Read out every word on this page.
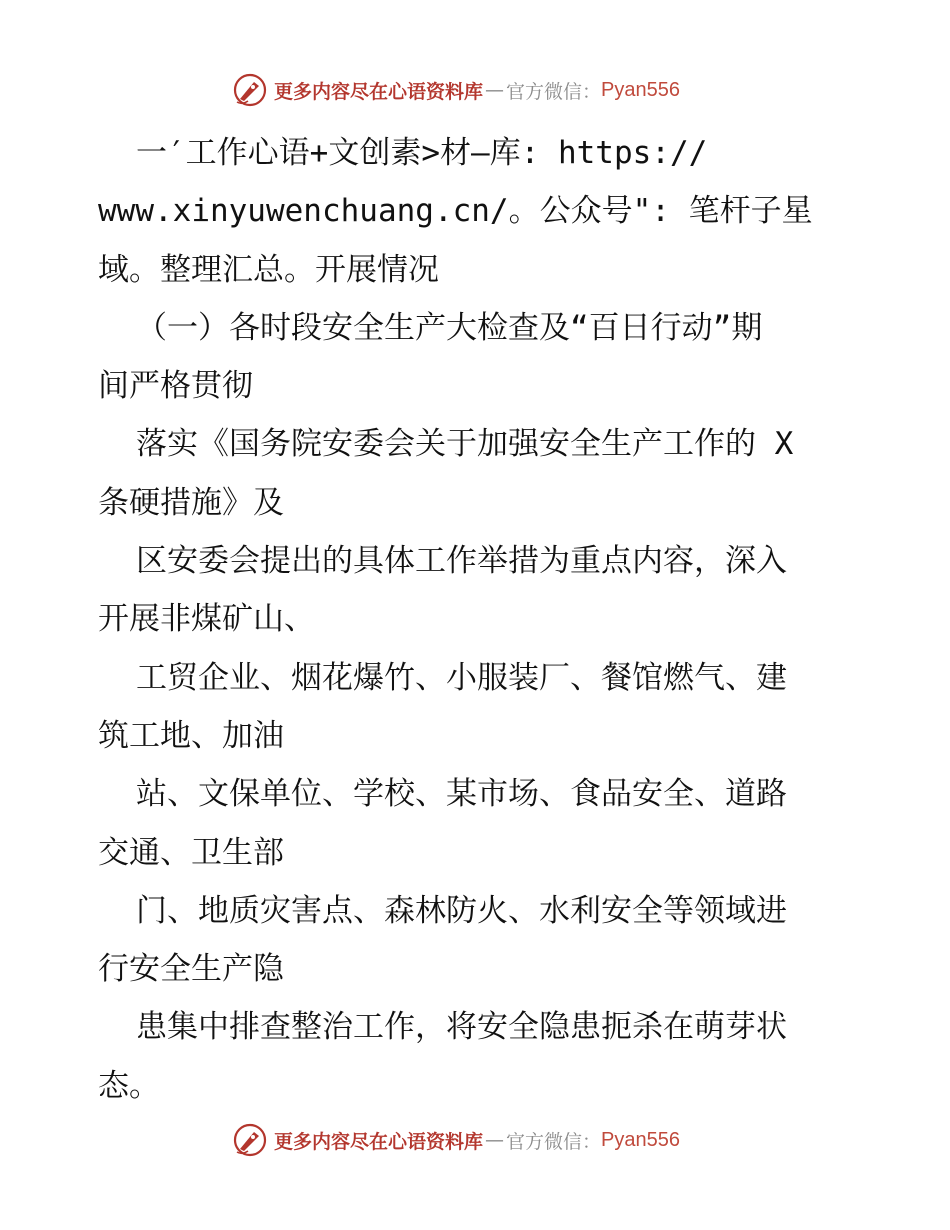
更多内容尽在心语资料库 — 官方微信： Pyan556
一′工作心语+文创素>材—库: https://
www.xinyuwenchuang.cn/。公众号": 笔杆子星
域。整理汇总。开展情况
（一）各时段安全生产大检查及“百日行动”期
间严格贯彻
落实《国务院安委会关于加强安全生产工作的 X
条硬措施》及
区安委会提出的具体工作举措为重点内容，深入
开展非煤矿山、
工贸企业、烟花爆竹、小服装厂、餐馆燃气、建
筑工地、加油
站、文保单位、学校、某市场、食品安全、道路
交通、卫生部
门、地质灾害点、森林防火、水利安全等领域进
行安全生产隐
患集中排查整治工作，将安全隐患扼杀在萌芽状
态。
更多内容尽在心语资料库 — 官方微信： Pyan556
